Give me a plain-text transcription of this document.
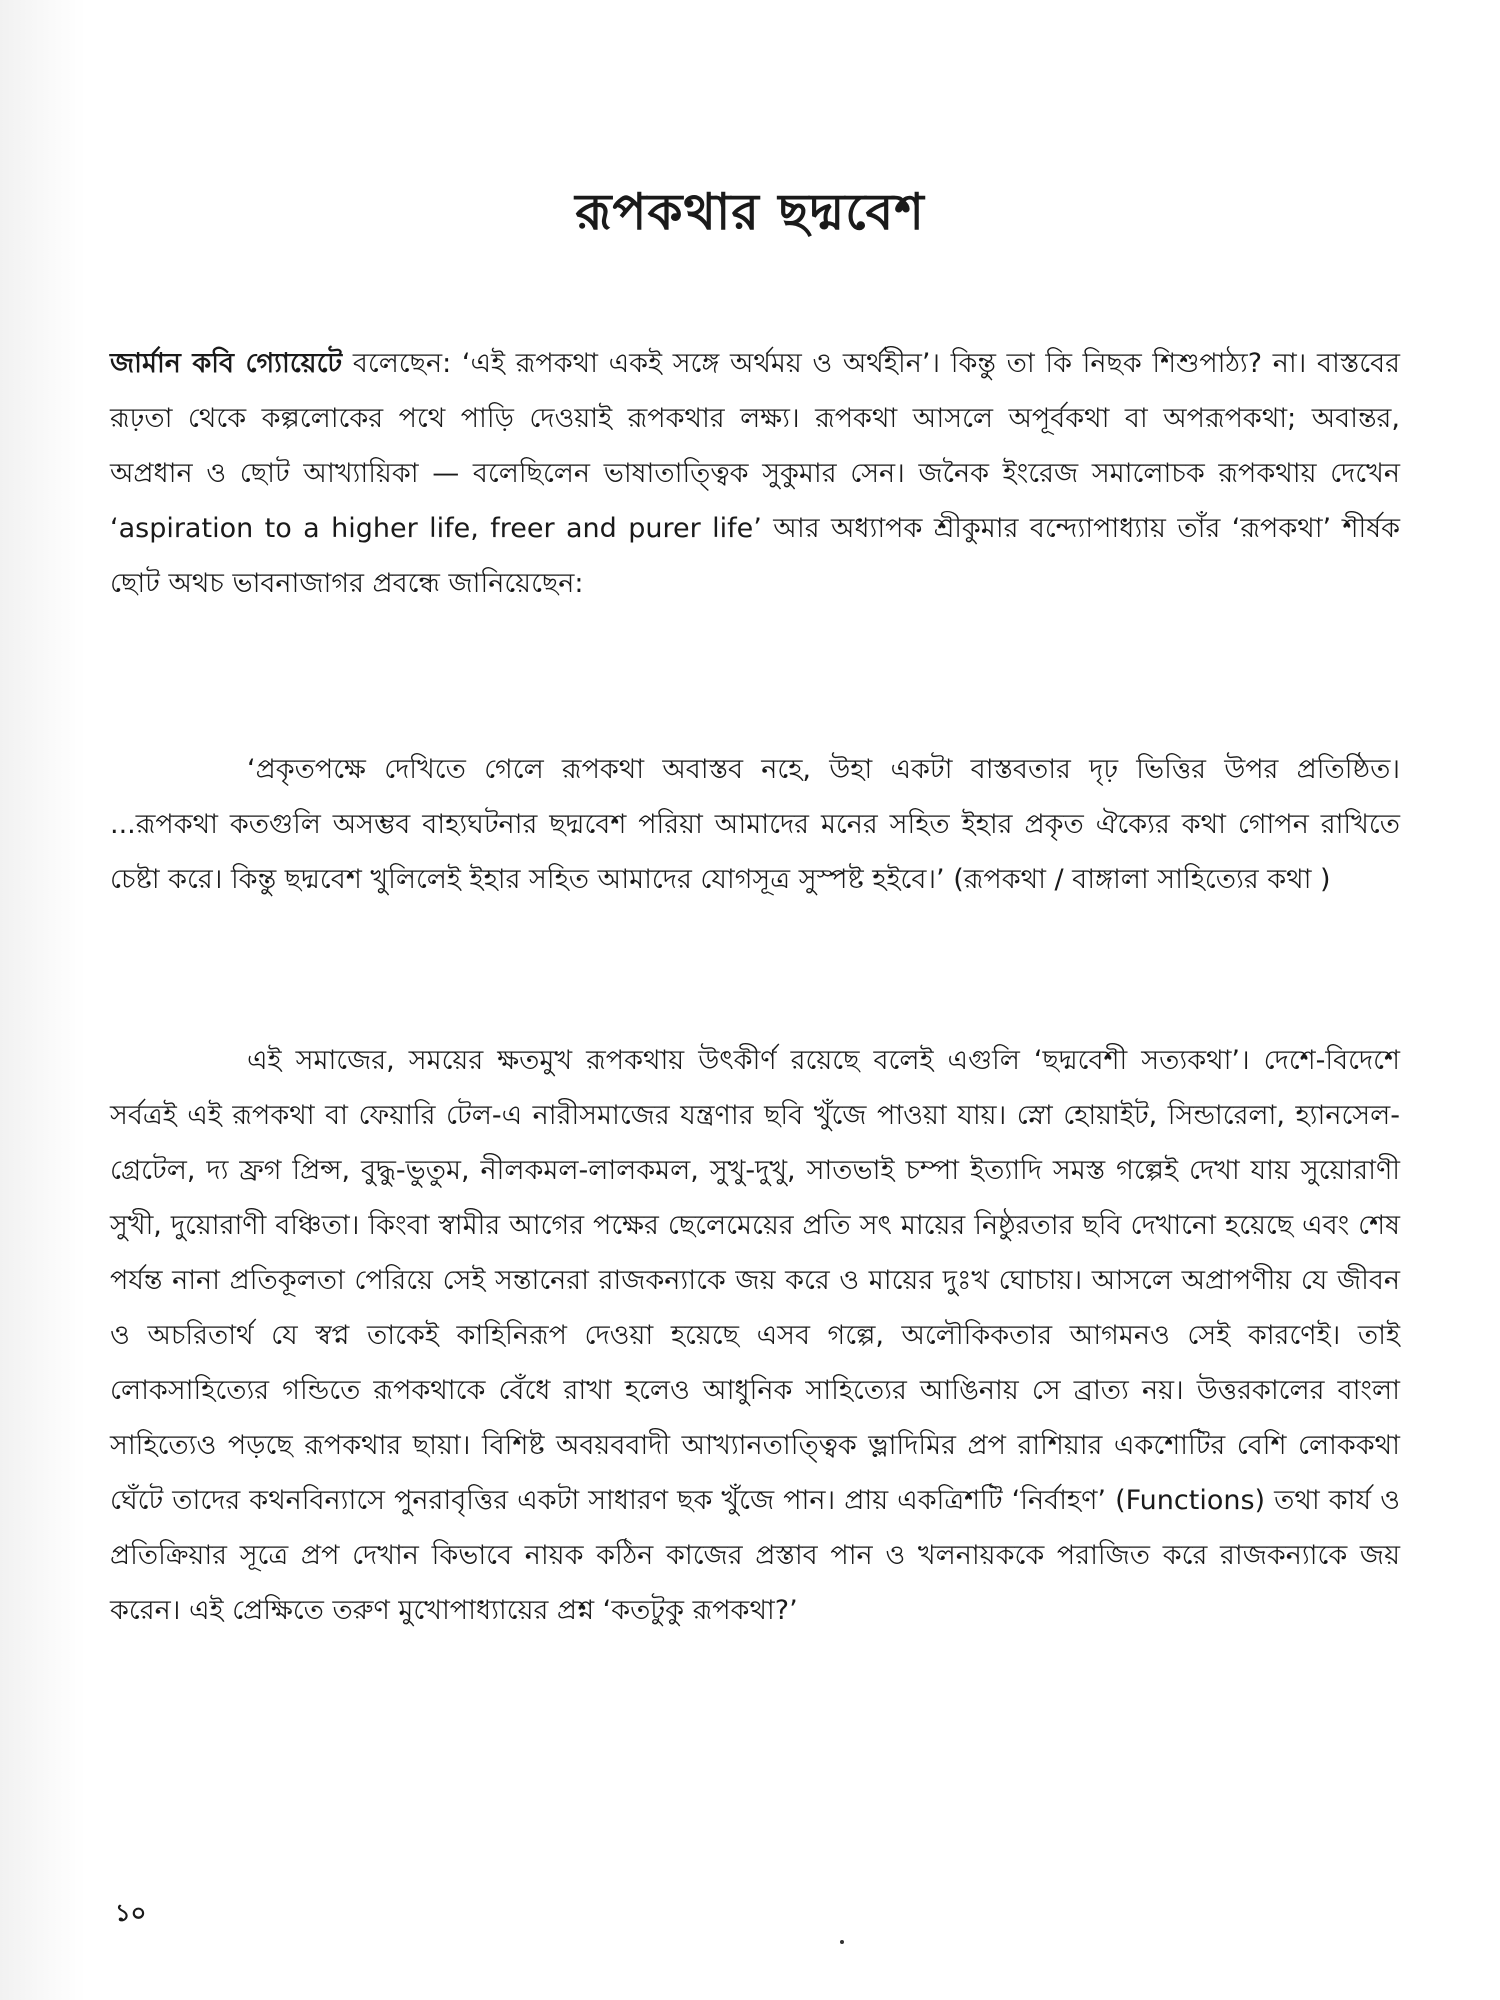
রূপকথার ছদ্মবেশ

জার্মান কবি গ্যোয়েটে বলেছেন: ‘এই রূপকথা একই সঙ্গে অর্থময় ও অর্থহীন’। কিন্তু তা কি নিছক শিশুপাঠ্য? না। বাস্তবের রূঢ়তা থেকে কল্পলোকের পথে পাড়ি দেওয়াই রূপকথার লক্ষ্য। রূপকথা আসলে অপূর্বকথা বা অপরূপকথা; অবান্তর, অপ্রধান ও ছোট আখ্যায়িকা — বলেছিলেন ভাষাতাত্ত্বিক সুকুমার সেন। জনৈক ইংরেজ সমালোচক রূপকথায় দেখেন ‘aspiration to a higher life, freer and purer life’ আর অধ্যাপক শ্রীকুমার বন্দ্যোপাধ্যায় তাঁর ‘রূপকথা’ শীর্ষক ছোট অথচ ভাবনাজাগর প্রবন্ধে জানিয়েছেন:

‘প্রকৃতপক্ষে দেখিতে গেলে রূপকথা অবাস্তব নহে, উহা একটা বাস্তবতার দৃঢ় ভিত্তির উপর প্রতিষ্ঠিত। ...রূপকথা কতগুলি অসম্ভব বাহ্যঘটনার ছদ্মবেশ পরিয়া আমাদের মনের সহিত ইহার প্রকৃত ঐক্যের কথা গোপন রাখিতে চেষ্টা করে। কিন্তু ছদ্মবেশ খুলিলেই ইহার সহিত আমাদের যোগসূত্র সুস্পষ্ট হইবে।’ (রূপকথা / বাঙ্গালা সাহিত্যের কথা )

এই সমাজের, সময়ের ক্ষতমুখ রূপকথায় উৎকীর্ণ রয়েছে বলেই এগুলি ‘ছদ্মবেশী সত্যকথা’। দেশে-বিদেশে সর্বত্রই এই রূপকথা বা ফেয়ারি টেল-এ নারীসমাজের যন্ত্রণার ছবি খুঁজে পাওয়া যায়। স্নো হোয়াইট, সিন্ডারেলা, হ্যানসেল-গ্রেটেল, দ্য ফ্রগ প্রিন্স, বুদ্ধু-ভুতুম, নীলকমল-লালকমল, সুখু-দুখু, সাতভাই চম্পা ইত্যাদি সমস্ত গল্পেই দেখা যায় সুয়োরাণী সুখী, দুয়োরাণী বঞ্চিতা। কিংবা স্বামীর আগের পক্ষের ছেলেমেয়ের প্রতি সৎ মায়ের নিষ্ঠুরতার ছবি দেখানো হয়েছে এবং শেষ পর্যন্ত নানা প্রতিকূলতা পেরিয়ে সেই সন্তানেরা রাজকন্যাকে জয় করে ও মায়ের দুঃখ ঘোচায়। আসলে অপ্রাপণীয় যে জীবন ও অচরিতার্থ যে স্বপ্ন তাকেই কাহিনিরূপ দেওয়া হয়েছে এসব গল্পে, অলৌকিকতার আগমনও সেই কারণেই। তাই লোকসাহিত্যের গন্ডিতে রূপকথাকে বেঁধে রাখা হলেও আধুনিক সাহিত্যের আঙিনায় সে ব্রাত্য নয়। উত্তরকালের বাংলা সাহিত্যেও পড়ছে রূপকথার ছায়া। বিশিষ্ট অবয়ববাদী আখ্যানতাত্ত্বিক ভ্লাদিমির প্রপ রাশিয়ার একশোটির বেশি লোককথা ঘেঁটে তাদের কথনবিন্যাসে পুনরাবৃত্তির একটা সাধারণ ছক খুঁজে পান। প্রায় একত্রিশটি ‘নির্বাহণ’ (Functions) তথা কার্য ও প্রতিক্রিয়ার সূত্রে প্রপ দেখান কিভাবে নায়ক কঠিন কাজের প্রস্তাব পান ও খলনায়ককে পরাজিত করে রাজকন্যাকে জয় করেন। এই প্রেক্ষিতে তরুণ মুখোপাধ্যায়ের প্রশ্ন ‘কতটুকু রূপকথা?’

১০
